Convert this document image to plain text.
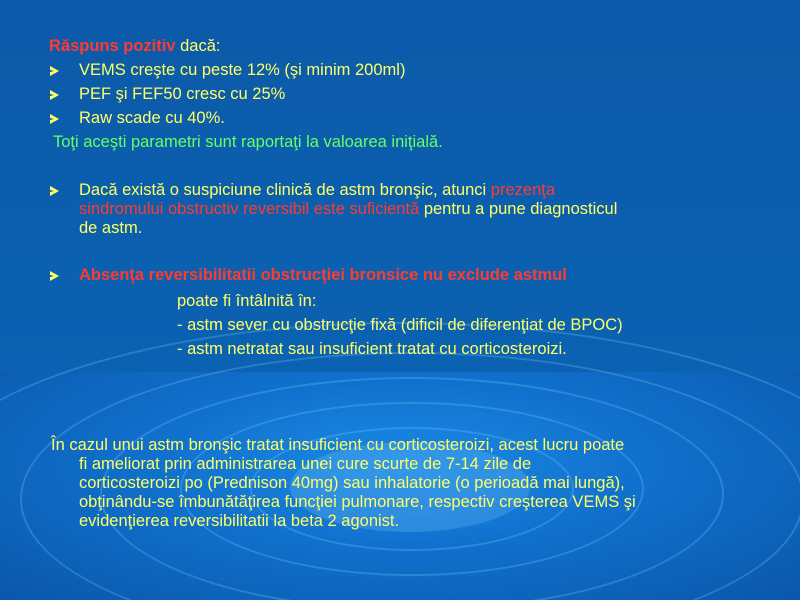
Răspuns pozitiv dacă:

VEMS creşte cu peste 12% (şi minim 200ml)

PEF şi FEF50 cresc cu 25%

Raw scade cu 40%.

Toţi aceşti parametri sunt raportaţi la valoarea iniţială.

Dacă există o suspiciune clinică de astm bronşic, atunci prezenţa

sindromului obstructiv reversibil este suficientă pentru a pune diagnosticul

de astm.

Absenţa reversibilitatii obstrucţiei bronsice nu exclude astmul

poate fi întâlnită în:

- astm sever cu obstrucţie fixă (dificil de diferenţiat de BPOC)

- astm netratat sau insuficient tratat cu corticosteroizi.

În cazul unui astm bronşic tratat insuficient cu corticosteroizi, acest lucru poate

fi ameliorat prin administrarea unei cure scurte de 7-14 zile de

corticosteroizi po (Prednison 40mg) sau inhalatorie (o perioadă mai lungă),

obţinându-se îmbunătăţirea funcţiei pulmonare, respectiv creşterea VEMS şi

evidenţierea reversibilitatii la beta 2 agonist.
